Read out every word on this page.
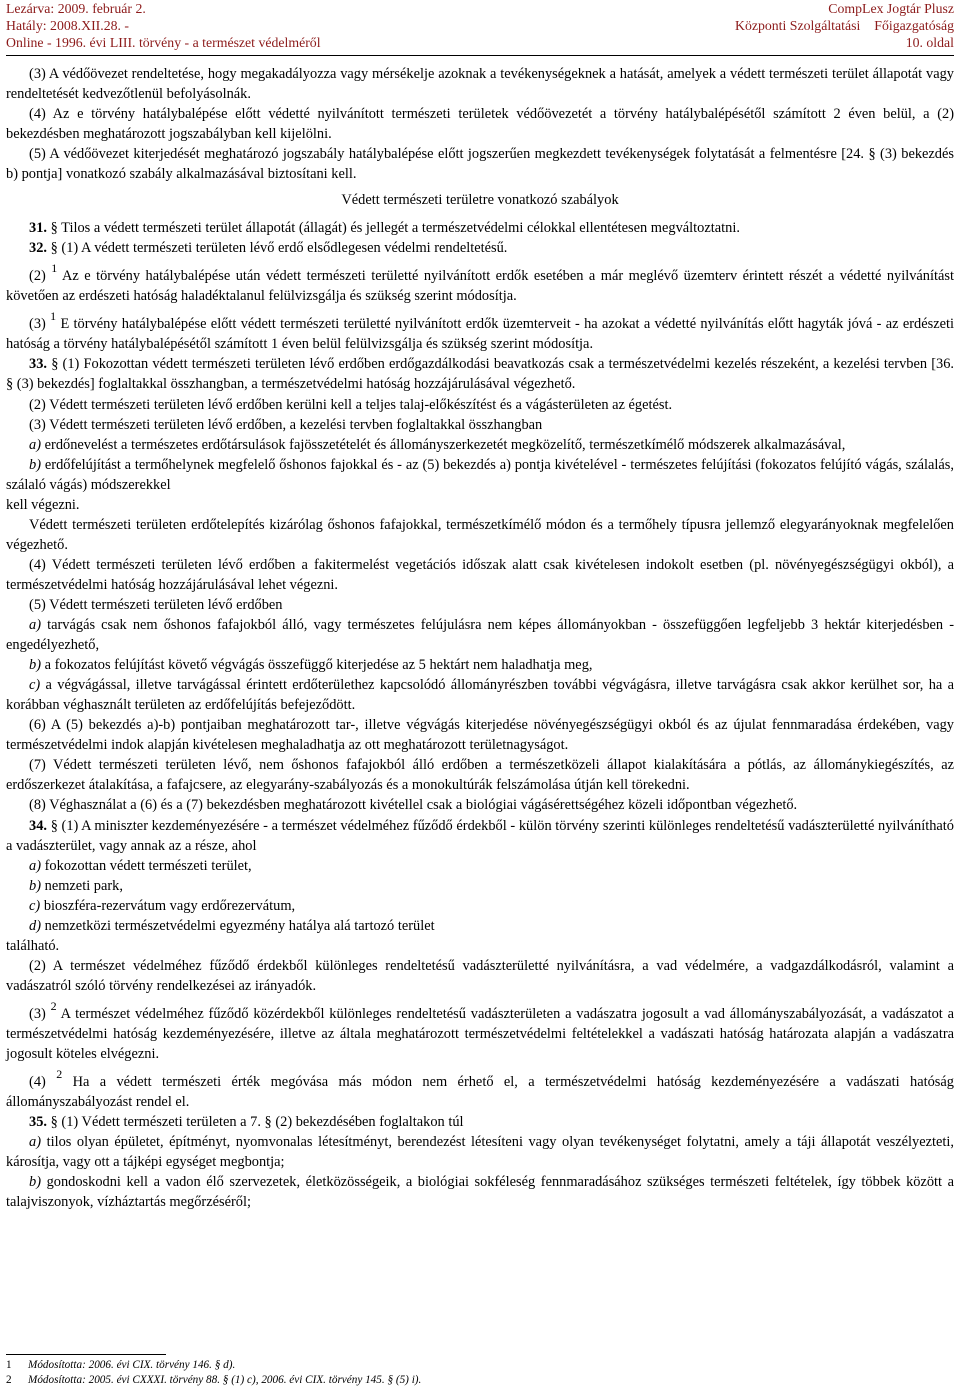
Lezárva: 2009. február 2.
Hatály: 2008.XII.28. -
Online - 1996. évi LIII. törvény - a természet védelméről
CompLex Jogtár Plusz
Központi Szolgáltatási Főigazgatóság
10. oldal

(3) A védőövezet rendeltetése, hogy megakadályozza vagy mérsékelje azoknak a tevékenységeknek a hatását, amelyek a védett természeti terület állapotát vagy rendeltetését kedvezőtlenül befolyásolnák.

(4) Az e törvény hatálybalépése előtt védetté nyilvánított természeti területek védőövezetét a törvény hatálybalépésétől számított 2 éven belül, a (2) bekezdésben meghatározott jogszabályban kell kijelölni.

(5) A védőövezet kiterjedését meghatározó jogszabály hatálybalépése előtt jogszerűen megkezdett tevékenységek folytatását a felmentésre [24. § (3) bekezdés b) pontja] vonatkozó szabály alkalmazásával biztosítani kell.

Védett természeti területre vonatkozó szabályok

31. § Tilos a védett természeti terület állapotát (állagát) és jellegét a természetvédelmi célokkal ellentétesen megváltoztatni.

32. § (1) A védett természeti területen lévő erdő elsődlegesen védelmi rendeltetésű.

(2) $^1$ Az e törvény hatálybalépése után védett természeti területté nyilvánított erdők esetében a már meglévő üzemterv érintett részét a védetté nyilvánítást követően az erdészeti hatóság haladéktalanul felülvizsgálja és szükség szerint módosítja.

(3) $^1$ E törvény hatálybalépése előtt védett természeti területté nyilvánított erdők üzemterveit - ha azokat a védetté nyilvánítás előtt hagyták jóvá - az erdészeti hatóság a törvény hatálybalépésétől számított 1 éven belül felülvizsgálja és szükség szerint módosítja.

33. § (1) Fokozottan védett természeti területen lévő erdőben erdőgazdálkodási beavatkozás csak a természetvédelmi kezelés részeként, a kezelési tervben [36. § (3) bekezdés] foglaltakkal összhangban, a természetvédelmi hatóság hozzájárulásával végezhető.

(2) Védett természeti területen lévő erdőben kerülni kell a teljes talaj-előkészítést és a vágásterületen az égetést.

(3) Védett természeti területen lévő erdőben, a kezelési tervben foglaltakkal összhangban

a) erdőnevelést a természetes erdőtársulások fajösszetételét és állományszerkezetét megközelítő, természetkímélő módszerek alkalmazásával,

b) erdőfelújítást a termőhelynek megfelelő őshonos fajokkal és - az (5) bekezdés a) pontja kivételével - természetes felújítási (fokozatos felújító vágás, szálalás, szálaló vágás) módszerekkel

kell végezni.

Védett természeti területen erdőtelepítés kizárólag őshonos fafajokkal, természetkímélő módon és a termőhely típusra jellemző elegyarányoknak megfelelően végezhető.

(4) Védett természeti területen lévő erdőben a fakitermelést vegetációs időszak alatt csak kivételesen indokolt esetben (pl. növényegészségügyi okból), a természetvédelmi hatóság hozzájárulásával lehet végezni.

(5) Védett természeti területen lévő erdőben

a) tarvágás csak nem őshonos fafajokból álló, vagy természetes felújulásra nem képes állományokban - összefüggően legfeljebb 3 hektár kiterjedésben - engedélyezhető,

b) a fokozatos felújítást követő végvágás összefüggő kiterjedése az 5 hektárt nem haladhatja meg,

c) a végvágással, illetve tarvágással érintett erdőterülethez kapcsolódó állományrészben további végvágásra, illetve tarvágásra csak akkor kerülhet sor, ha a korábban véghasznált területen az erdőfelújítás befejeződött.

(6) A (5) bekezdés a)-b) pontjaiban meghatározott tar-, illetve végvágás kiterjedése növényegészségügyi okból és az újulat fennmaradása érdekében, vagy természetvédelmi indok alapján kivételesen meghaladhatja az ott meghatározott területnagyságot.

(7) Védett természeti területen lévő, nem őshonos fafajokból álló erdőben a természetközeli állapot kialakítására a pótlás, az állománykiegészítés, az erdőszerkezet átalakítása, a fafajcsere, az elegyarány-szabályozás és a monokultúrák felszámolása útján kell törekedni.

(8) Véghasználat a (6) és a (7) bekezdésben meghatározott kivétellel csak a biológiai vágásérettségéhez közeli időpontban végezhető.

34. § (1) A miniszter kezdeményezésére - a természet védelméhez fűződő érdekből - külön törvény szerinti különleges rendeltetésű vadászterületté nyilvánítható a vadászterület, vagy annak az a része, ahol

a) fokozottan védett természeti terület,

b) nemzeti park,

c) bioszféra-rezervátum vagy erdőrezervátum,

d) nemzetközi természetvédelmi egyezmény hatálya alá tartozó terület

található.

(2) A természet védelméhez fűződő érdekből különleges rendeltetésű vadászterületté nyilvánításra, a vad védelmére, a vadgazdálkodásról, valamint a vadászatról szóló törvény rendelkezései az irányadók.

(3) $^2$ A természet védelméhez fűződő közérdekből különleges rendeltetésű vadászterületen a vadászatra jogosult a vad állományszabályozását, a vadászatot a természetvédelmi hatóság kezdeményezésére, illetve az általa meghatározott természetvédelmi feltételekkel a vadászati hatóság határozata alapján a vadászatra jogosult köteles elvégezni.

(4) $^2$ Ha a védett természeti érték megóvása más módon nem érhető el, a természetvédelmi hatóság kezdeményezésére a vadászati hatóság állományszabályozást rendel el.

35. § (1) Védett természeti területen a 7. § (2) bekezdésében foglaltakon túl

a) tilos olyan épületet, építményt, nyomvonalas létesítményt, berendezést létesíteni vagy olyan tevékenységet folytatni, amely a táji állapotát veszélyezteti, károsítja, vagy ott a tájképi egységet megbontja;

b) gondoskodni kell a vadon élő szervezetek, életközösségeik, a biológiai sokféleség fennmaradásához szükséges természeti feltételek, így többek között a talajviszonyok, vízháztartás megőrzéséről;

1 Módosította: 2006. évi CIX. törvény 146. § d).
2 Módosította: 2005. évi CXXXI. törvény 88. § (1) c), 2006. évi CIX. törvény 145. § (5) i).
